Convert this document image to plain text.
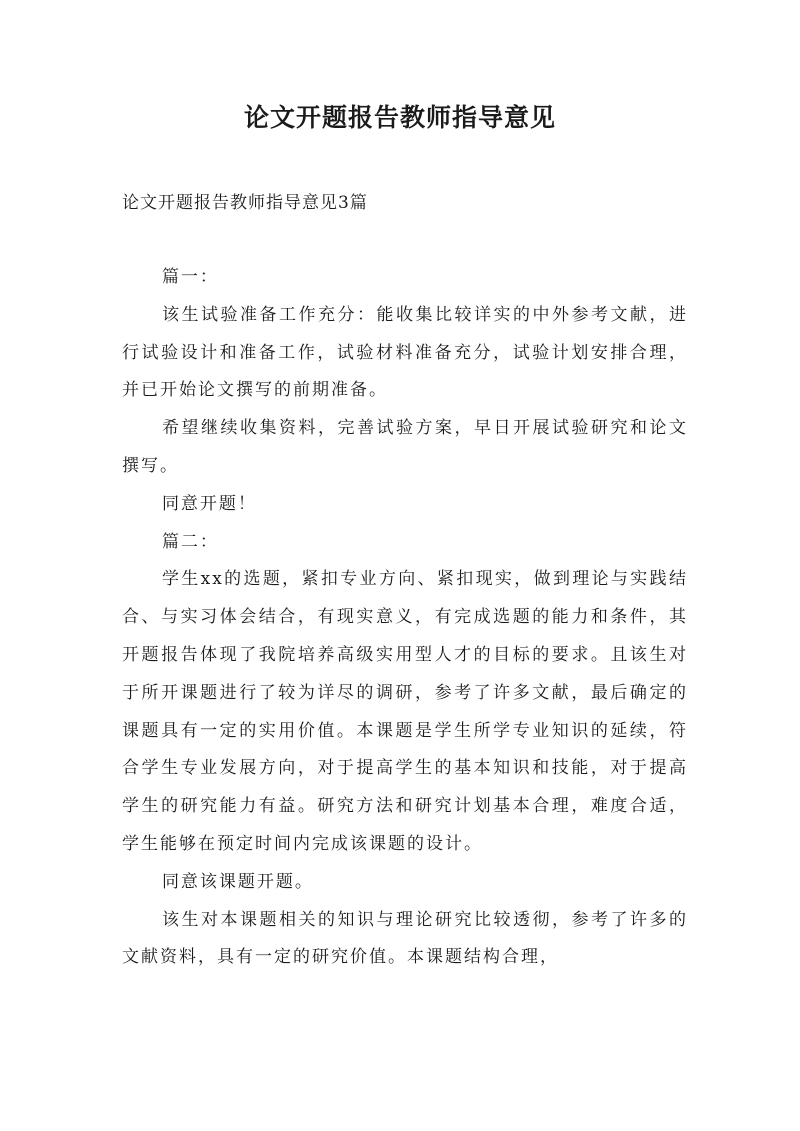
论文开题报告教师指导意见
论文开题报告教师指导意见3篇

篇一：

该生试验准备工作充分：能收集比较详实的中外参考文献，进行试验设计和准备工作，试验材料准备充分，试验计划安排合理，并已开始论文撰写的前期准备。

希望继续收集资料，完善试验方案，早日开展试验研究和论文撰写。

同意开题！

篇二：

学生xx的选题，紧扣专业方向、紧扣现实，做到理论与实践结合、与实习体会结合，有现实意义，有完成选题的能力和条件，其开题报告体现了我院培养高级实用型人才的目标的要求。且该生对于所开课题进行了较为详尽的调研，参考了许多文献，最后确定的课题具有一定的实用价值。本课题是学生所学专业知识的延续，符合学生专业发展方向，对于提高学生的基本知识和技能，对于提高学生的研究能力有益。研究方法和研究计划基本合理，难度合适，学生能够在预定时间内完成该课题的设计。

同意该课题开题。

该生对本课题相关的知识与理论研究比较透彻，参考了许多的文献资料，具有一定的研究价值。本课题结构合理，
